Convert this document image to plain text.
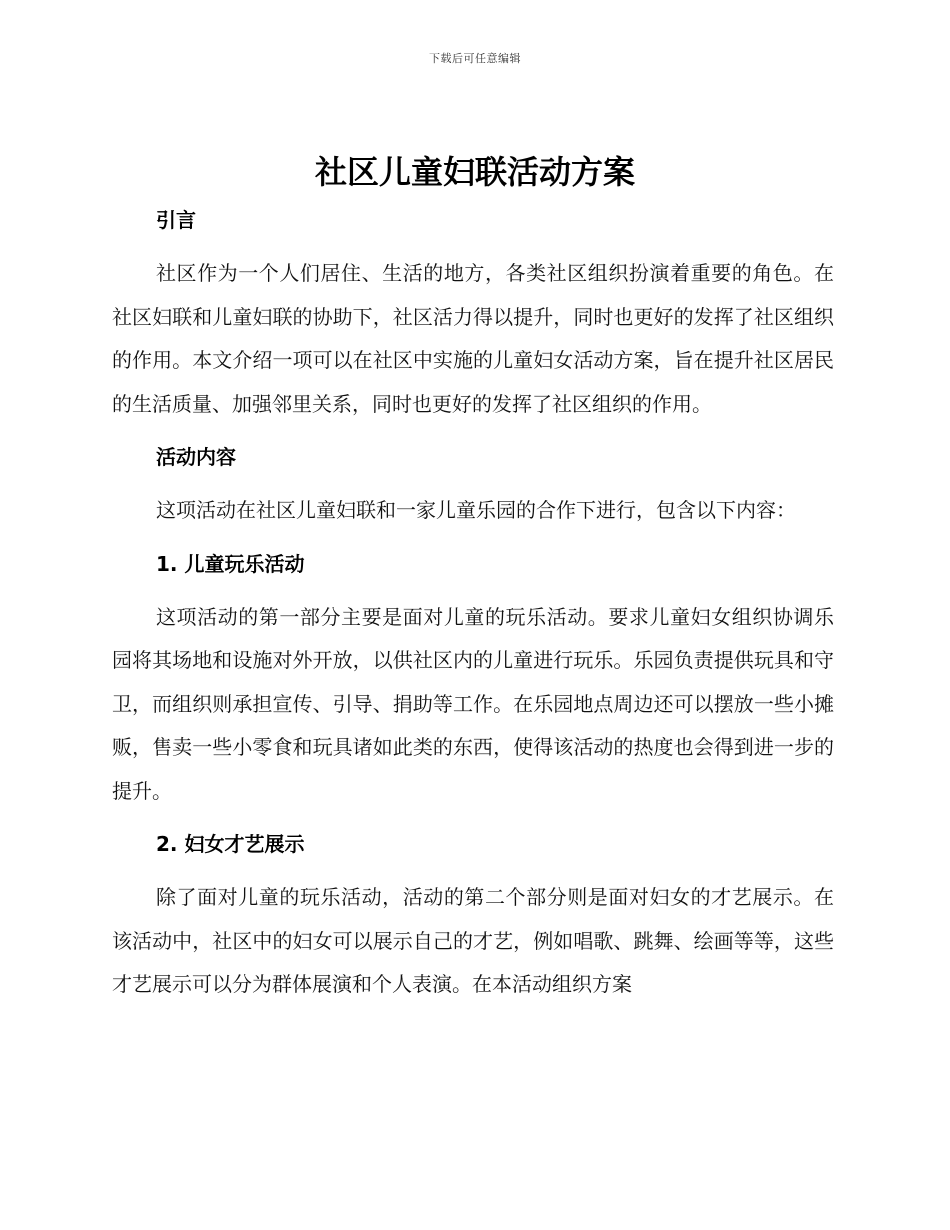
下载后可任意编辑
社区儿童妇联活动方案
引言

社区作为一个人们居住、生活的地方，各类社区组织扮演着重要的角色。在社区妇联和儿童妇联的协助下，社区活力得以提升，同时也更好的发挥了社区组织的作用。本文介绍一项可以在社区中实施的儿童妇女活动方案，旨在提升社区居民的生活质量、加强邻里关系，同时也更好的发挥了社区组织的作用。

活动内容

这项活动在社区儿童妇联和一家儿童乐园的合作下进行，包含以下内容：

1. 儿童玩乐活动

这项活动的第一部分主要是面对儿童的玩乐活动。要求儿童妇女组织协调乐园将其场地和设施对外开放，以供社区内的儿童进行玩乐。乐园负责提供玩具和守卫，而组织则承担宣传、引导、捐助等工作。在乐园地点周边还可以摆放一些小摊贩，售卖一些小零食和玩具诸如此类的东西，使得该活动的热度也会得到进一步的提升。

2. 妇女才艺展示

除了面对儿童的玩乐活动，活动的第二个部分则是面对妇女的才艺展示。在该活动中，社区中的妇女可以展示自己的才艺，例如唱歌、跳舞、绘画等等，这些才艺展示可以分为群体展演和个人表演。在本活动组织方案
